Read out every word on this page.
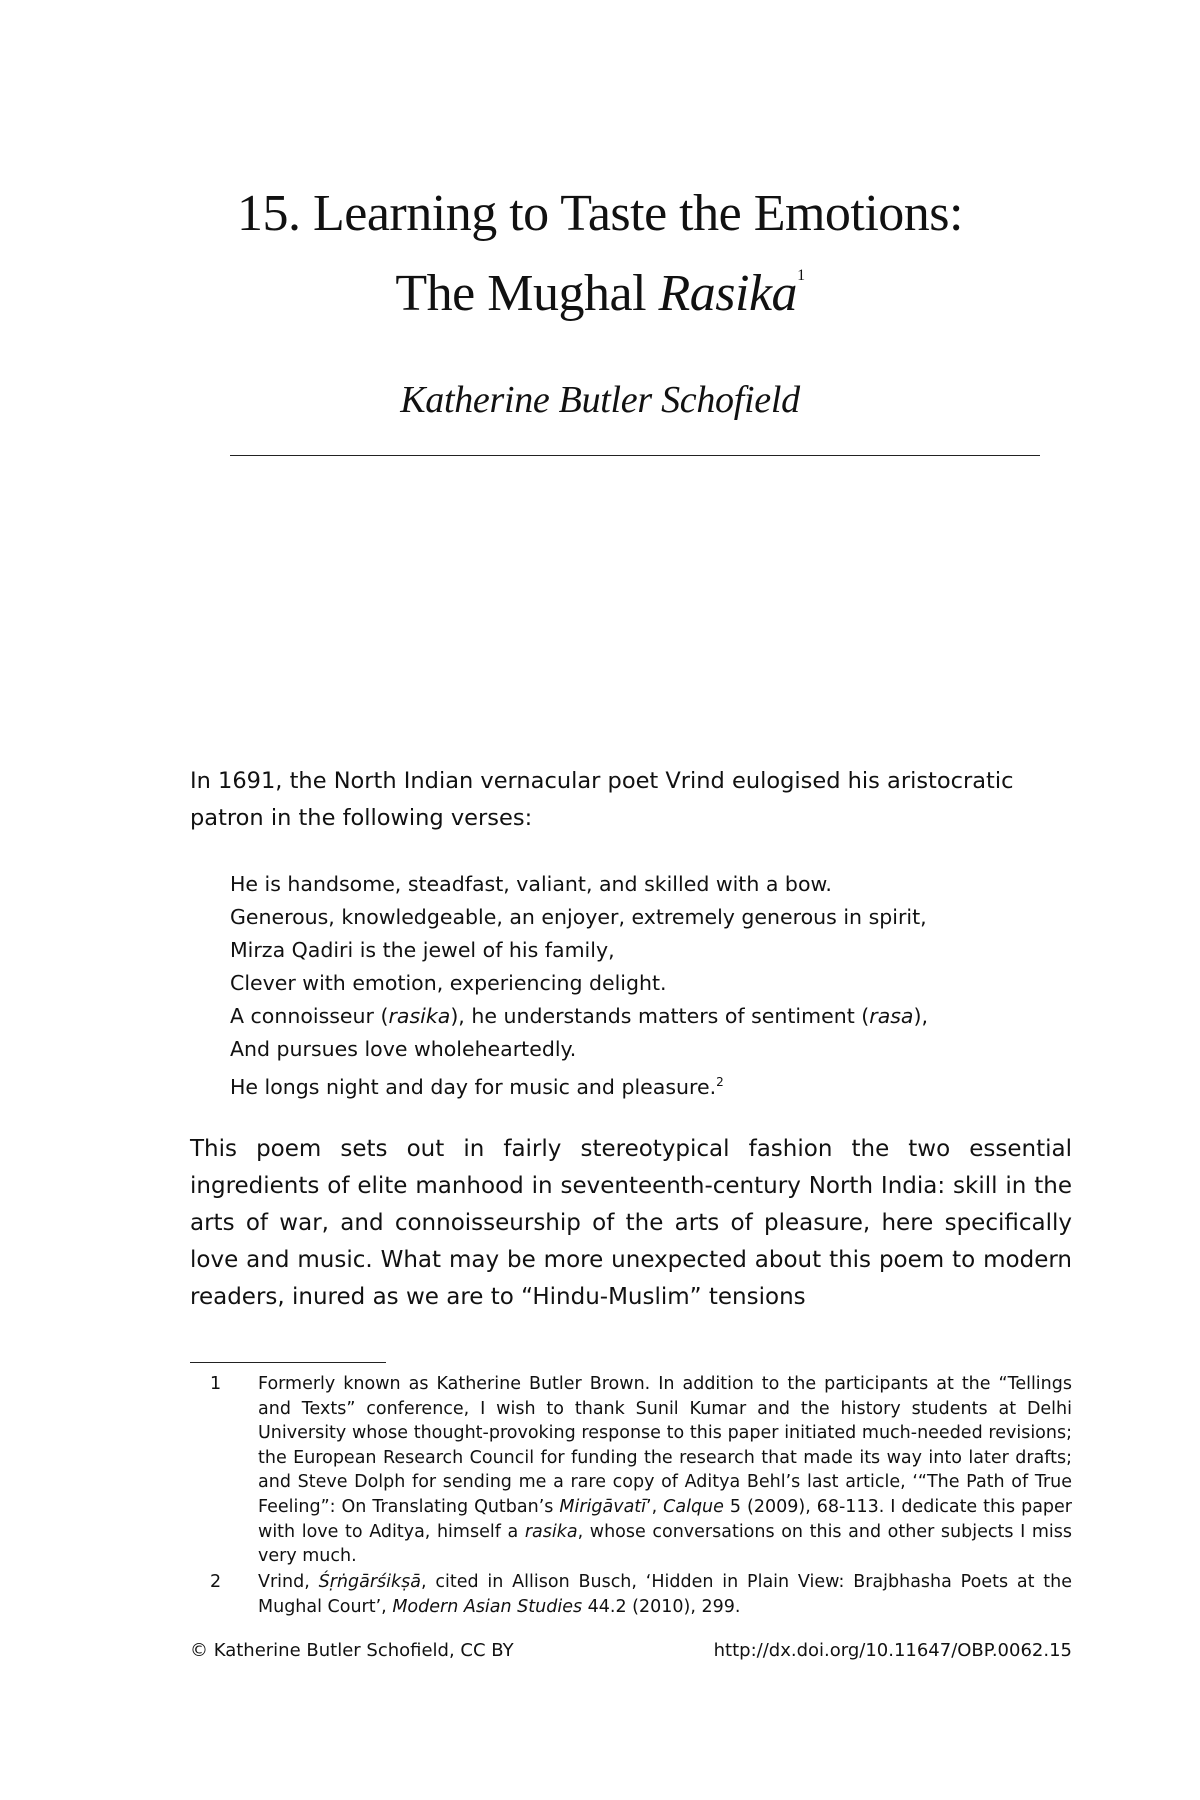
15. Learning to Taste the Emotions:
The Mughal Rasika$^1$
Katherine Butler Schofield
In 1691, the North Indian vernacular poet Vrind eulogised his aristocratic
patron in the following verses:
He is handsome, steadfast, valiant, and skilled with a bow.
Generous, knowledgeable, an enjoyer, extremely generous in spirit,
Mirza Qadiri is the jewel of his family,
Clever with emotion, experiencing delight.
A connoisseur (rasika), he understands matters of sentiment (rasa),
And pursues love wholeheartedly.
He longs night and day for music and pleasure.$^2$
This poem sets out in fairly stereotypical fashion the two essential ingredients of elite manhood in seventeenth-century North India: skill in the arts of war, and connoisseurship of the arts of pleasure, here specifically love and music. What may be more unexpected about this poem to modern readers, inured as we are to “Hindu-Muslim” tensions
1 Formerly known as Katherine Butler Brown. In addition to the participants at the “Tellings and Texts” conference, I wish to thank Sunil Kumar and the history students at Delhi University whose thought-provoking response to this paper initiated much-needed revisions; the European Research Council for funding the research that made its way into later drafts; and Steve Dolph for sending me a rare copy of Aditya Behl’s last article, ‘“The Path of True Feeling”: On Translating Qutban’s Mirigāvatī’, Calque 5 (2009), 68-113. I dedicate this paper with love to Aditya, himself a rasika, whose conversations on this and other subjects I miss very much.
2 Vrind, Śṛṅgārśikṣā, cited in Allison Busch, ‘Hidden in Plain View: Brajbhasha Poets at the Mughal Court’, Modern Asian Studies 44.2 (2010), 299.
© Katherine Butler Schofield, CC BY	http://dx.doi.org/10.11647/OBP.0062.15
